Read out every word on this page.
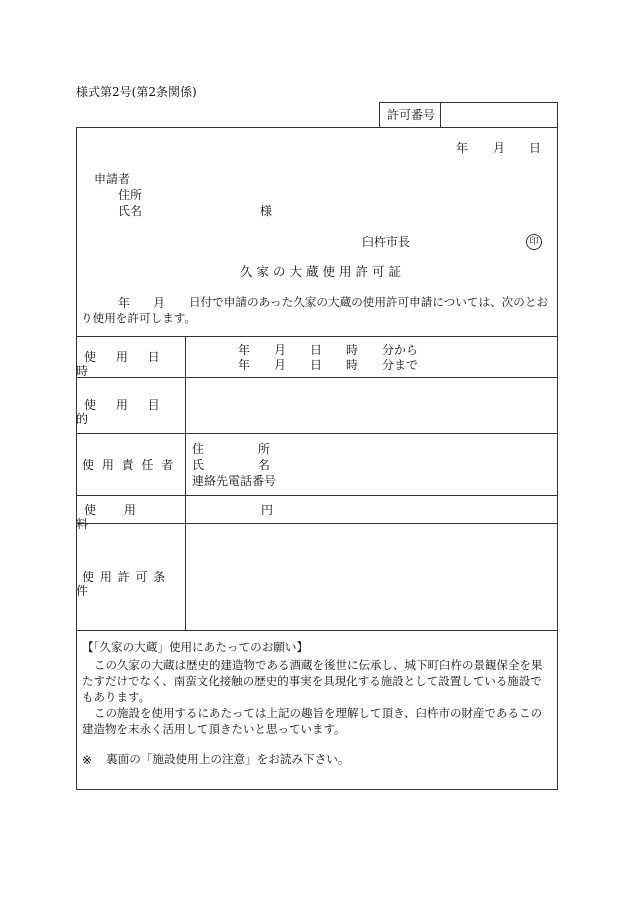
様式第2号(第2条関係)
許可番号
年 月 日
申請者
住所
氏名	様
臼杵市長	印
久家の大蔵使用許可証
年 月 日付で申請のあった久家の大蔵の使用許可申請については、次のとお
り使用を許可します。
使 用 日 時
使 用 目 的
使 用 責 任 者
使 用 料
使 用 許 可 条 件
年 月 日 時 分から
年 月 日 時 分まで
住 所
氏 名
連絡先電話番号
円
【「久家の大蔵」使用にあたってのお願い】
この久家の大蔵は歴史的建造物である酒蔵を後世に伝承し、城下町臼杵の景観保全を果
たすだけでなく、南蛮文化接触の歴史的事実を具現化する施設として設置している施設で
もあります。
この施設を使用するにあたっては上記の趣旨を理解して頂き、臼杵市の財産であるこの
建造物を末永く活用して頂きたいと思っています。
※ 裏面の「施設使用上の注意」をお読み下さい。
